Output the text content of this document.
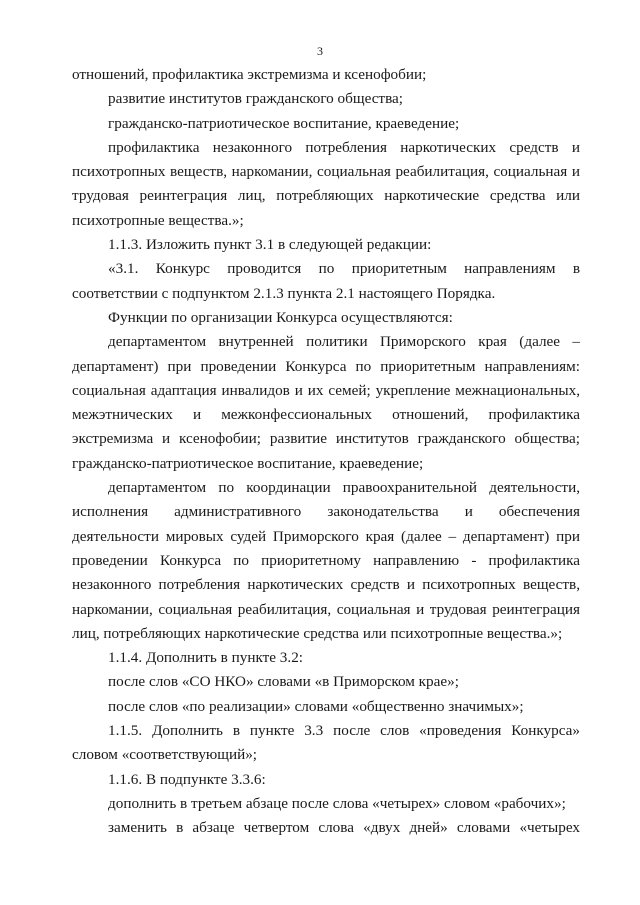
3

отношений, профилактика экстремизма и ксенофобии;

развитие институтов гражданского общества;

гражданско-патриотическое воспитание, краеведение;

профилактика незаконного потребления наркотических средств и психотропных веществ, наркомании, социальная реабилитация, социальная и трудовая реинтеграция лиц, потребляющих наркотические средства или психотропные вещества.»;

1.1.3. Изложить пункт 3.1 в следующей редакции:

«3.1. Конкурс проводится по приоритетным направлениям в соответствии с подпунктом 2.1.3 пункта 2.1 настоящего Порядка.

Функции по организации Конкурса осуществляются:

департаментом внутренней политики Приморского края (далее – департамент) при проведении Конкурса по приоритетным направлениям: социальная адаптация инвалидов и их семей; укрепление межнациональных, межэтнических и межконфессиональных отношений, профилактика экстремизма и ксенофобии; развитие институтов гражданского общества; гражданско-патриотическое воспитание, краеведение;

департаментом по координации правоохранительной деятельности, исполнения административного законодательства и обеспечения деятельности мировых судей Приморского края (далее – департамент) при проведении Конкурса по приоритетному направлению - профилактика незаконного потребления наркотических средств и психотропных веществ, наркомании, социальная реабилитация, социальная и трудовая реинтеграция лиц, потребляющих наркотические средства или психотропные вещества.»;

1.1.4. Дополнить в пункте 3.2:

после слов «СО НКО» словами «в Приморском крае»;

после слов «по реализации» словами «общественно значимых»;

1.1.5. Дополнить в пункте 3.3 после слов «проведения Конкурса» словом «соответствующий»;

1.1.6. В подпункте 3.3.6:

дополнить в третьем абзаце после слова «четырех» словом «рабочих»;

заменить в абзаце четвертом слова «двух дней» словами «четырех
